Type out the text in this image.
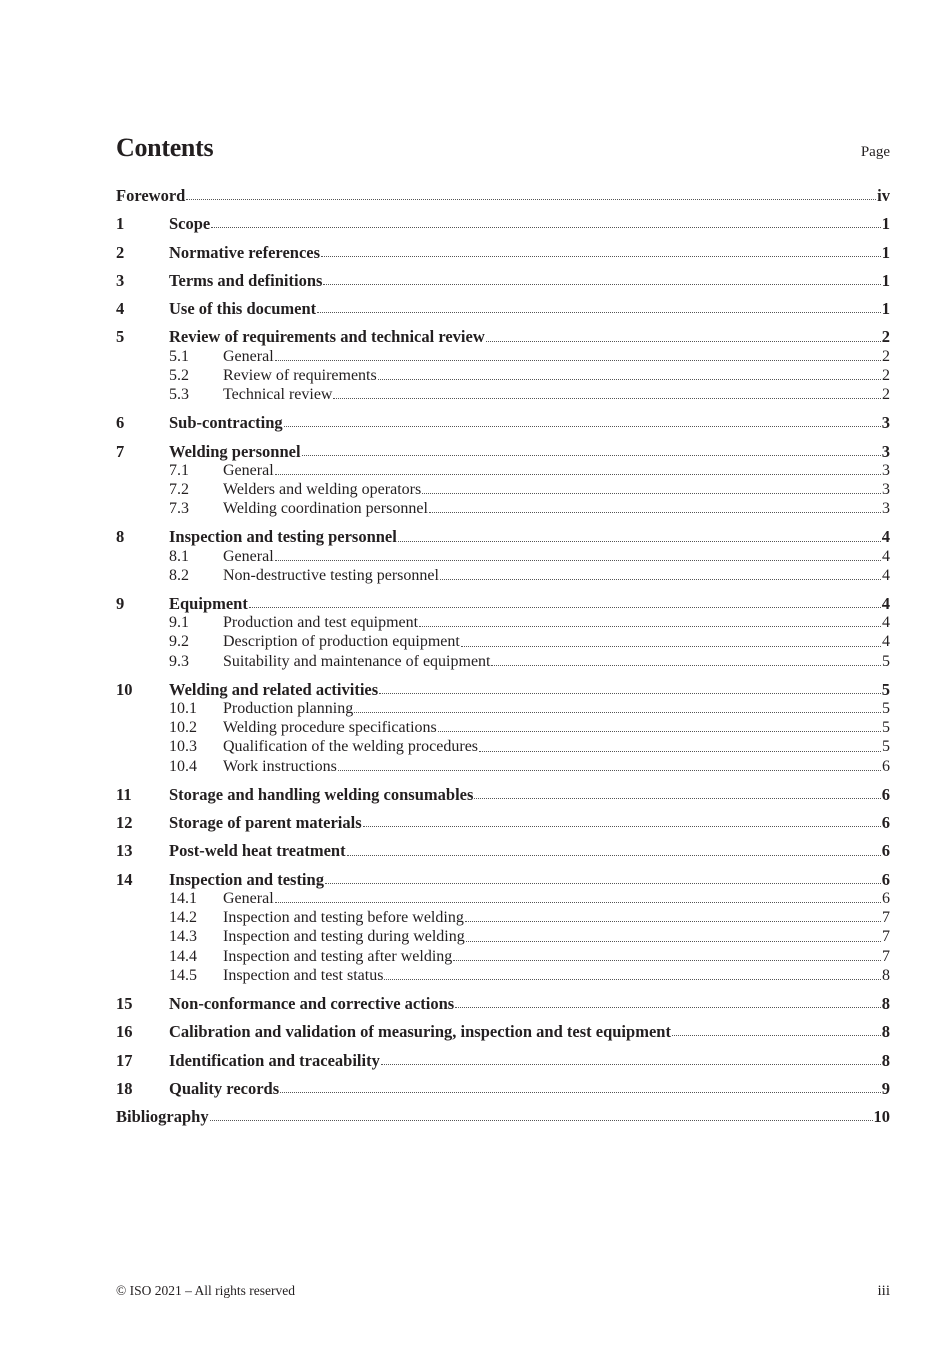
Contents	Page
Foreword	iv
1	Scope	1
2	Normative references	1
3	Terms and definitions	1
4	Use of this document	1
5	Review of requirements and technical review	2
5.1	General	2
5.2	Review of requirements	2
5.3	Technical review	2
6	Sub-contracting	3
7	Welding personnel	3
7.1	General	3
7.2	Welders and welding operators	3
7.3	Welding coordination personnel	3
8	Inspection and testing personnel	4
8.1	General	4
8.2	Non-destructive testing personnel	4
9	Equipment	4
9.1	Production and test equipment	4
9.2	Description of production equipment	4
9.3	Suitability and maintenance of equipment	5
10	Welding and related activities	5
10.1	Production planning	5
10.2	Welding procedure specifications	5
10.3	Qualification of the welding procedures	5
10.4	Work instructions	6
11	Storage and handling welding consumables	6
12	Storage of parent materials	6
13	Post-weld heat treatment	6
14	Inspection and testing	6
14.1	General	6
14.2	Inspection and testing before welding	7
14.3	Inspection and testing during welding	7
14.4	Inspection and testing after welding	7
14.5	Inspection and test status	8
15	Non-conformance and corrective actions	8
16	Calibration and validation of measuring, inspection and test equipment	8
17	Identification and traceability	8
18	Quality records	9
Bibliography	10
© ISO 2021 – All rights reserved	iii
